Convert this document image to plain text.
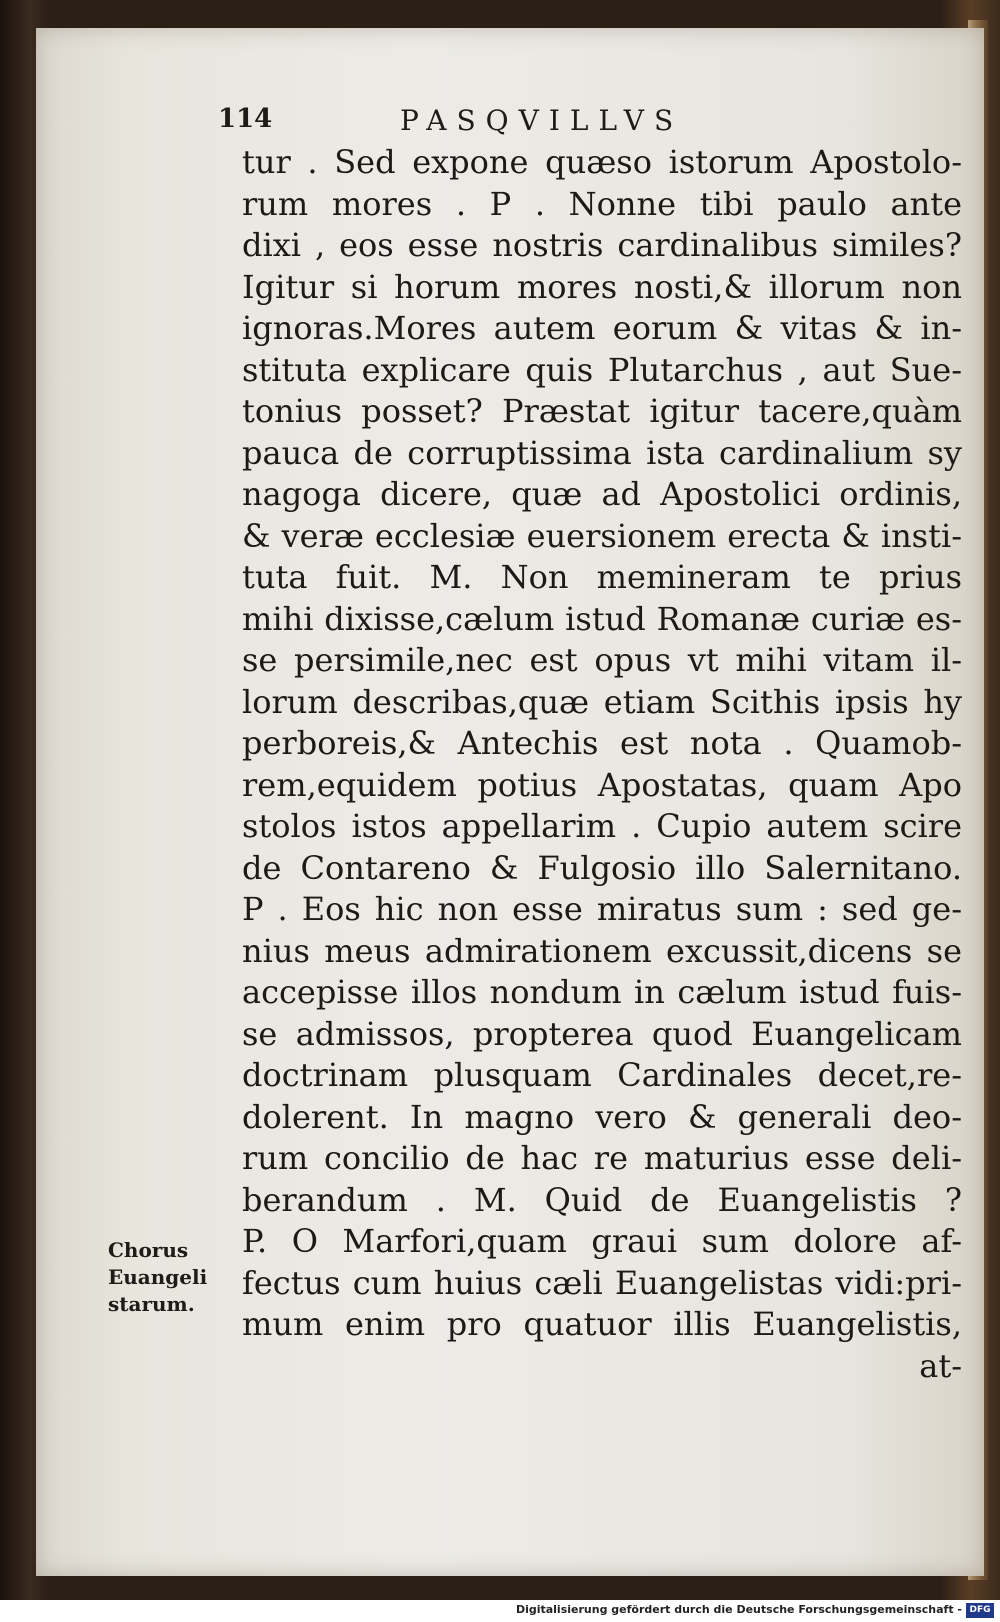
114	PASQVILLVS
tur . Sed expone quæso istorum Apostolo-
rum mores . P . Nonne tibi paulo ante
dixi , eos esse nostris cardinalibus similes?
Igitur si horum mores nosti,& illorum non
ignoras.Mores autem eorum & vitas & in-
stituta explicare quis Plutarchus , aut Sue-
tonius posset? Præstat igitur tacere,quàm
pauca de corruptissima ista cardinalium sy
nagoga dicere, quæ ad Apostolici ordinis,
& veræ ecclesiæ euersionem erecta & insti-
tuta fuit. M. Non memineram te prius
mihi dixisse,cælum istud Romanæ curiæ es-
se persimile,nec est opus vt mihi vitam il-
lorum describas,quæ etiam Scithis ipsis hy
perboreis,& Antechis est nota . Quamob-
rem,equidem potius Apostatas, quam Apo
stolos istos appellarim . Cupio autem scire
de Contareno & Fulgosio illo Salernitano.
P . Eos hic non esse miratus sum : sed ge-
nius meus admirationem excussit,dicens se
accepisse illos nondum in cælum istud fuis-
se admissos, propterea quod Euangelicam
doctrinam plusquam Cardinales decet,re-
dolerent. In magno vero & generali deo-
rum concilio de hac re maturius esse deli-
berandum . M. Quid de Euangelistis ?
P. O Marfori,quam graui sum dolore af-
fectus cum huius cæli Euangelistas vidi:pri-
mum enim pro quatuor illis Euangelistis,
at-
Chorus
Euangeli
starum.
Digitalisierung gefördert durch die Deutsche Forschungsgemeinschaft - DFG
